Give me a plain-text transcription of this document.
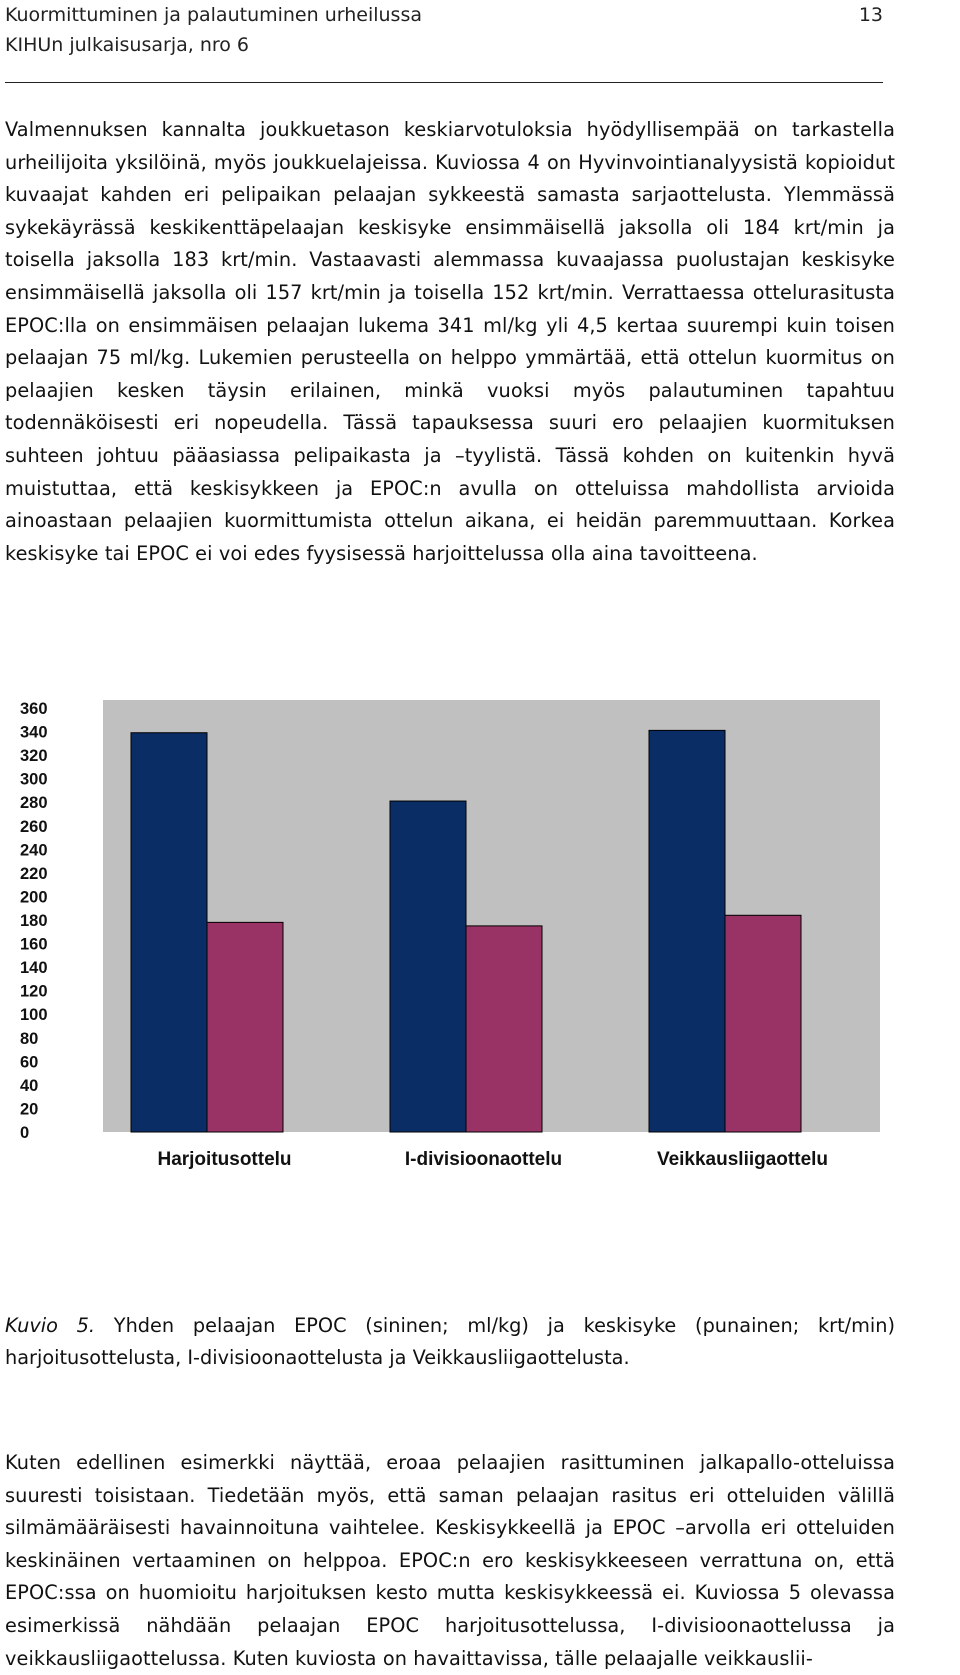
Kuormittuminen ja palautuminen urheilussa	13
KIHUn julkaisusarja, nro 6

Valmennuksen kannalta joukkuetason keskiarvotuloksia hyödyllisempää on tarkastella urheilijoita yksilöinä, myös joukkuelajeissa. Kuviossa 4 on Hyvinvointianalyysistä kopioidut kuvaajat kahden eri pelipaikan pelaajan sykkeestä samasta sarjaottelusta. Ylemmässä sykekäyrässä keskikenttäpelaajan keskisyke ensimmäisellä jaksolla oli 184 krt/min ja toisella jaksolla 183 krt/min. Vastaavasti alemmassa kuvaajassa puolustajan keskisyke ensimmäisellä jaksolla oli 157 krt/min ja toisella 152 krt/min. Verrattaessa ottelurasitusta EPOC:lla on ensimmäisen pelaajan lukema 341 ml/kg yli 4,5 kertaa suurempi kuin toisen pelaajan 75 ml/kg. Lukemien perusteella on helppo ymmärtää, että ottelun kuormitus on pelaajien kesken täysin erilainen, minkä vuoksi myös palautuminen tapahtuu todennäköisesti eri nopeudella. Tässä tapauksessa suuri ero pelaajien kuormituksen suhteen johtuu pääasiassa pelipaikasta ja –tyylistä. Tässä kohden on kuitenkin hyvä muistuttaa, että keskisykkeen ja EPOC:n avulla on otteluissa mahdollista arvioida ainoastaan pelaajien kuormittumista ottelun aikana, ei heidän paremmuuttaan. Korkea keskisyke tai EPOC ei voi edes fyysisessä harjoittelussa olla aina tavoitteena.

0
20
40
60
80
100
120
140
160
180
200
220
240
260
280
300
320
340
360
Harjoitusottelu	I-divisioonaottelu	Veikkausliigaottelu

Kuvio 5. Yhden pelaajan EPOC (sininen; ml/kg) ja keskisyke (punainen; krt/min) harjoitusottelusta, I-divisioonaottelusta ja Veikkausliigaottelusta.

Kuten edellinen esimerkki näyttää, eroaa pelaajien rasittuminen jalkapallo-otteluissa suuresti toisistaan. Tiedetään myös, että saman pelaajan rasitus eri otteluiden välillä silmämääräisesti havainnoituna vaihtelee. Keskisykkeellä ja EPOC –arvolla eri otteluiden keskinäinen vertaaminen on helppoa. EPOC:n ero keskisykkeeseen verrattuna on, että EPOC:ssa on huomioitu harjoituksen kesto mutta keskisykkeessä ei. Kuviossa 5 olevassa esimerkissä nähdään pelaajan EPOC harjoitusottelussa, I-divisioonaottelussa ja veikkausliigaottelussa. Kuten kuviosta on havaittavissa, tälle pelaajalle veikkauslii-
